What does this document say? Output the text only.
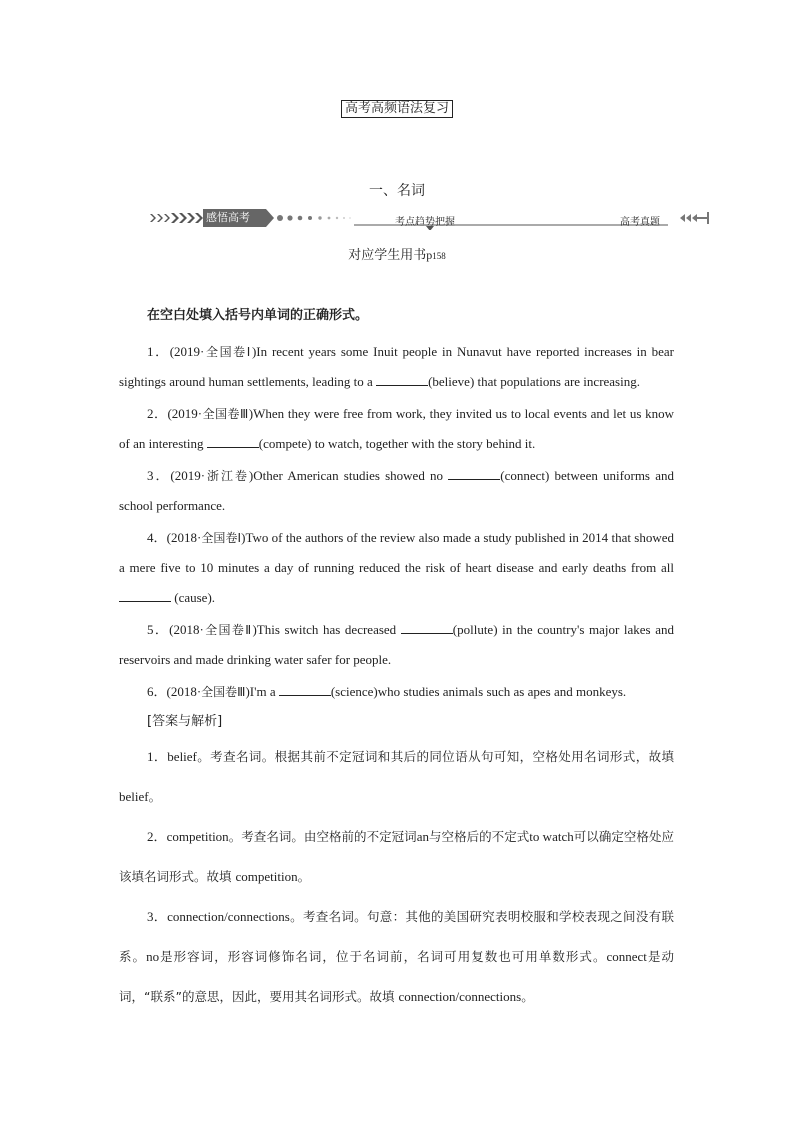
高考高频语法复习
一、名词
感悟高考	考点趋势把握	高考真题
对应学生用书p158

在空白处填入括号内单词的正确形式。

1．(2019·全国卷Ⅰ)In recent years some Inuit people in Nunavut have reported increases in bear sightings around human settlements, leading to a	(believe) that populations are increasing.

2．(2019·全国卷Ⅲ)When they were free from work, they invited us to local events and let us know of an interesting	(compete) to watch, together with the story behind it.

3．(2019·浙江卷)Other American studies showed no	(connect) between uniforms and school performance.

4．(2018·全国卷Ⅰ)Two of the authors of the review also made a study published in 2014 that showed a mere five to 10 minutes a day of running reduced the risk of heart disease and early deaths from all  (cause).

5．(2018·全国卷Ⅱ)This switch has decreased	(pollute) in the country's major lakes and reservoirs and made drinking water safer for people.

6．(2018·全国卷Ⅲ)I'm a	(science)who studies animals such as apes and monkeys.

[答案与解析]

1．belief。考查名词。根据其前不定冠词和其后的同位语从句可知，空格处用名词形式，故填 belief。

2．competition。考查名词。由空格前的不定冠词an与空格后的不定式to watch可以确定空格处应该填名词形式。故填 competition。

3．connection/connections。考查名词。句意：其他的美国研究表明校服和学校表现之间没有联系。no是形容词，形容词修饰名词，位于名词前，名词可用复数也可用单数形式。connect是动词，“联系”的意思，因此，要用其名词形式。故填 connection/connections。
